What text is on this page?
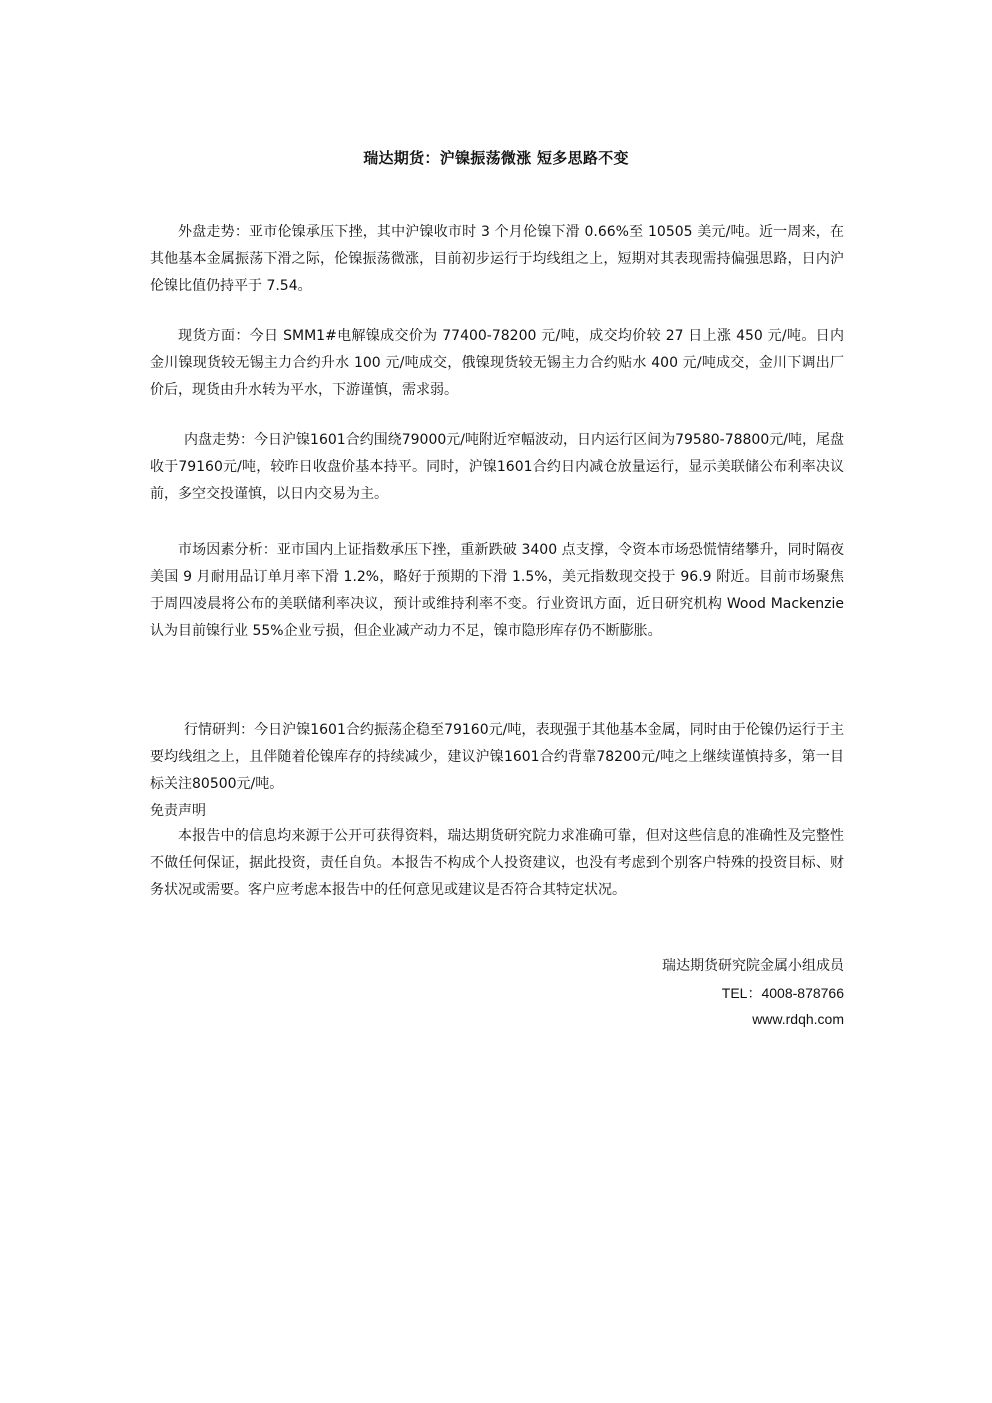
瑞达期货：沪镍振荡微涨 短多思路不变

外盘走势：亚市伦镍承压下挫，其中沪镍收市时 3 个月伦镍下滑 0.66%至 10505 美元/吨。近一周来，在其他基本金属振荡下滑之际，伦镍振荡微涨，目前初步运行于均线组之上，短期对其表现需持偏强思路，日内沪伦镍比值仍持平于 7.54。

现货方面：今日 SMM1#电解镍成交价为 77400-78200 元/吨，成交均价较 27 日上涨 450 元/吨。日内金川镍现货较无锡主力合约升水 100 元/吨成交，俄镍现货较无锡主力合约贴水 400 元/吨成交，金川下调出厂价后，现货由升水转为平水，下游谨慎，需求弱。

内盘走势：今日沪镍1601合约围绕79000元/吨附近窄幅波动，日内运行区间为79580-78800元/吨，尾盘收于79160元/吨，较昨日收盘价基本持平。同时，沪镍1601合约日内减仓放量运行，显示美联储公布利率决议前，多空交投谨慎，以日内交易为主。

市场因素分析：亚市国内上证指数承压下挫，重新跌破 3400 点支撑，令资本市场恐慌情绪攀升，同时隔夜美国 9 月耐用品订单月率下滑 1.2%，略好于预期的下滑 1.5%，美元指数现交投于 96.9 附近。目前市场聚焦于周四凌晨将公布的美联储利率决议，预计或维持利率不变。行业资讯方面，近日研究机构 Wood Mackenzie 认为目前镍行业 55%企业亏损，但企业减产动力不足，镍市隐形库存仍不断膨胀。

行情研判：今日沪镍1601合约振荡企稳至79160元/吨，表现强于其他基本金属，同时由于伦镍仍运行于主要均线组之上，且伴随着伦镍库存的持续减少，建议沪镍1601合约背靠78200元/吨之上继续谨慎持多，第一目标关注80500元/吨。

免责声明

本报告中的信息均来源于公开可获得资料，瑞达期货研究院力求准确可靠，但对这些信息的准确性及完整性不做任何保证，据此投资，责任自负。本报告不构成个人投资建议，也没有考虑到个别客户特殊的投资目标、财务状况或需要。客户应考虑本报告中的任何意见或建议是否符合其特定状况。

瑞达期货研究院金属小组成员
TEL：4008-878766
www.rdqh.com
